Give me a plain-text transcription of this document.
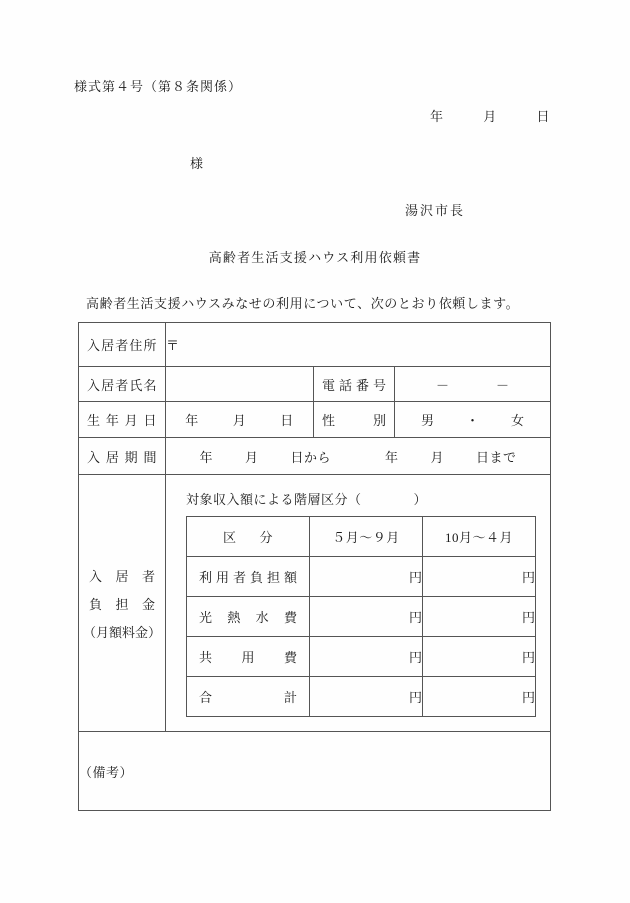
様式第４号（第８条関係）
年	月	日
様
湯沢市長
高齢者生活支援ハウス利用依頼書
高齢者生活支援ハウスみなせの利用について、次のとおり依頼します。
入居者住所	〒

入居者氏名		電話番号	－	－

生年月日	年	月	日	性別	男 ・ 女

入居期間	年 月 日から	年 月 日まで

入居者
負担金
（月額料金）

対象収入額による階層区分（	）
区分	５月～９月	10月～４月

利用者負担額	円	円

光熱水費	円	円

共用費	円	円

合計	円	円

（備考）
